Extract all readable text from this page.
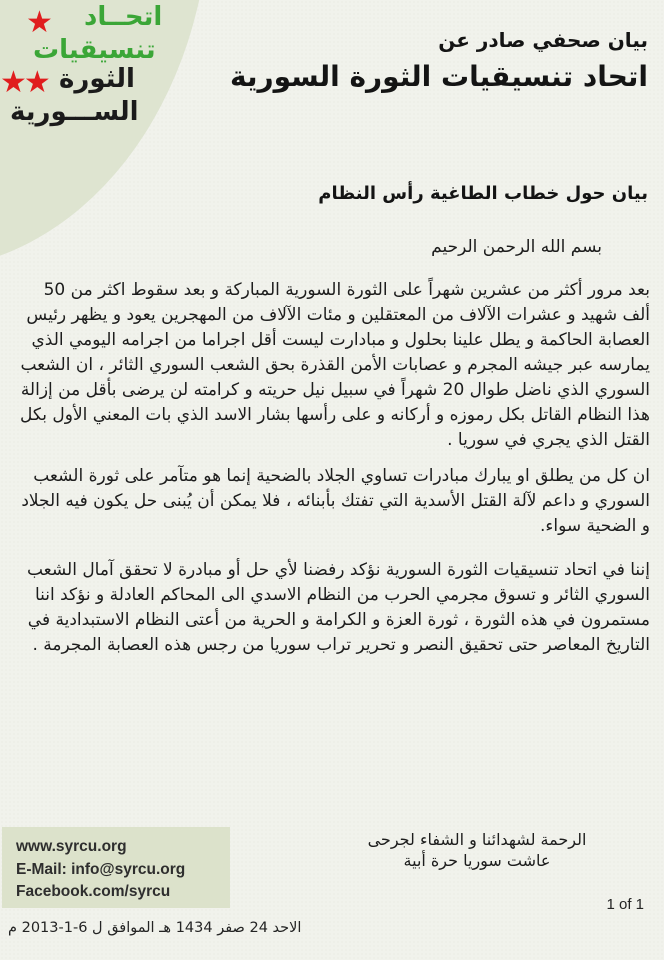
★ اتحــاد
تنسيقيات
★★ الثورة
الســـورية
بيان صحفي صادر عن
اتحاد تنسيقيات الثورة السورية
بيان حول خطاب الطاغية رأس النظام
بسم الله الرحمن الرحيم

بعد مرور أكثر من عشرين شهراً على الثورة السورية المباركة و بعد سقوط اكثر من 50 ألف شهيد و عشرات الآلاف من المعتقلين و مئات الآلاف من المهجرين يعود و يظهر رئيس العصابة الحاكمة و يطل علينا بحلول و مبادارت ليست أقل اجراما من اجرامه اليومي الذي يمارسه عبر جيشه المجرم و عصابات الأمن القذرة بحق الشعب السوري الثائر ، ان الشعب السوري الذي ناضل طوال 20 شهراً في سبيل نيل حريته و كرامته لن يرضى بأقل من إزالة هذا النظام القاتل بكل رموزه و أركانه و على رأسها بشار الاسد الذي بات المعني الأول بكل القتل الذي يجري في سوريا .

ان كل من يطلق او يبارك مبادرات تساوي الجلاد بالضحية إنما هو متآمر على ثورة الشعب السوري و داعم لآلة القتل الأسدية التي تفتك بأبنائه ، فلا يمكن أن يُبنى حل يكون فيه الجلاد و الضحية سواء.

إننا في اتحاد تنسيقيات الثورة السورية نؤكد رفضنا لأي حل أو مبادرة لا تحقق آمال الشعب السوري الثائر و تسوق مجرمي الحرب من النظام الاسدي الى المحاكم العادلة و نؤكد اننا مستمرون في هذه الثورة ، ثورة العزة و الكرامة و الحرية من أعتى النظام الاستبدادية في التاريخ المعاصر حتى تحقيق النصر و تحرير تراب سوريا من رجس هذه العصابة المجرمة .

الرحمة لشهدائنا و الشفاء لجرحى
عاشت سوريا حرة أبية
www.syrcu.org
E-Mail: info@syrcu.org
Facebook.com/syrcu
1 of 1
الاحد 24 صفر 1434 هـ الموافق ل 6-1-2013 م
